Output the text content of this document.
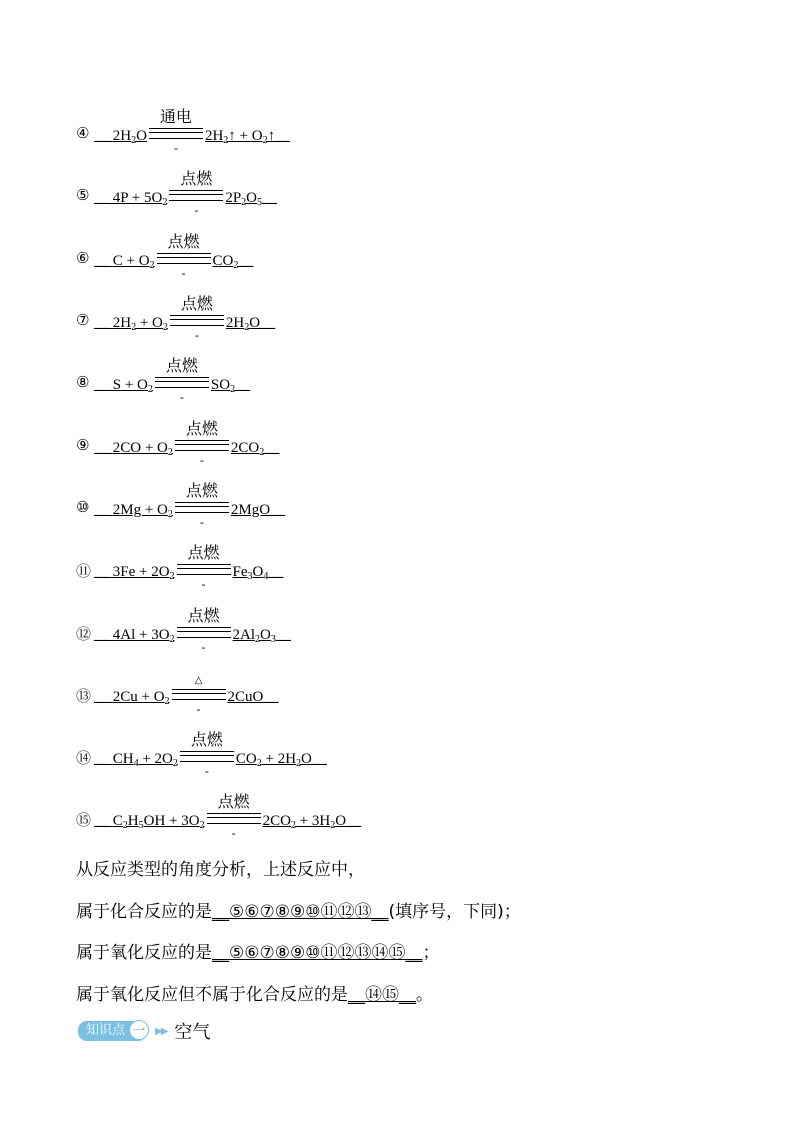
④ __ $2H_2O$
通电
-
$2H_2↑$ + $O_2↑\_\_$
⑤ __ $4P + 5O_2$
点燃
-
$2P_2O_5\_\_$
⑥ __ $C + O_2$
点燃
-
$CO_2\_\_$
⑦ __ $2H_2 + O_2$
点燃
-
$2H_2O\_\_$
⑧ __ $S + O_2$
点燃
-
$SO_2\_\_$
⑨ __ $2CO + O_2$
点燃
-
$2CO_2\_\_$
⑩ __ $2Mg + O_2$
点燃
-
2MgO__
⑪ __ $3Fe + 2O_2$
点燃
-
$Fe_3O_4\_\_$
⑫ __ $4Al + 3O_2$
点燃
-
$2Al_2O_3\_\_$
⑬ __ $2Cu + O_2$
△
-
2CuO__
⑭ __ $CH_4 + 2O_2$
点燃
-
$CO_2$ + $2H_2O\_\_$
⑮ __ $C_2H_5OH + 3O_2$
点燃
-
$2CO_2$ + $3H_2O\_\_$
从反应类型的角度分析，上述反应中，
属于化合反应的是__⑤⑥⑦⑧⑨⑩⑪⑫⑬__(填序号，下同)；
属于氧化反应的是__⑤⑥⑦⑧⑨⑩⑪⑫⑬⑭⑮__；
属于氧化反应但不属于化合反应的是__⑭⑮__。
知识点 一	▶▶ 空气
